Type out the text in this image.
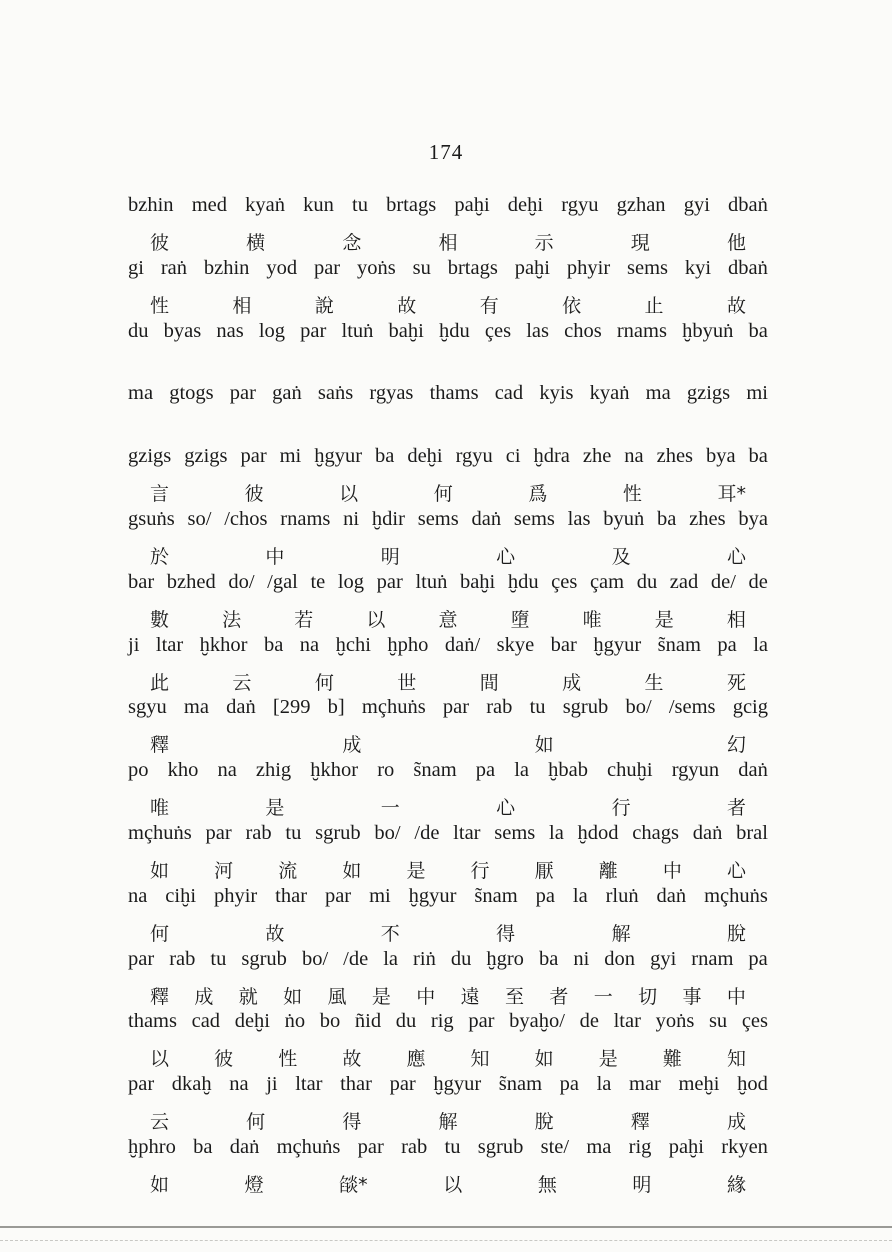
174
bzhin med kyaṅ kun tu brtags paḫi deḫi rgyu gzhan gyi dbaṅ
彼	横	念	相	示	現	他
gi raṅ bzhin yod par yoṅs su brtags paḫi phyir sems kyi dbaṅ
性	相	說	故	有	依	止	故
du byas nas log par ltuṅ baḫi ḫdu çes las chos rnams ḫbyuṅ ba
ma gtogs par gaṅ saṅs rgyas thams cad kyis kyaṅ ma gzigs mi
gzigs gzigs par mi ḫgyur ba deḫi rgyu ci ḫdra zhe na zhes bya ba
言	彼	以	何	爲	性	耳*
gsuṅs so/ /chos rnams ni ḫdir sems daṅ sems las byuṅ ba zhes bya
於	中	明	心	及	心
bar bzhed do/ /gal te log par ltuṅ baḫi ḫdu çes çam du zad de/ de
數	法	若	以	意	墮	唯	是	相
ji ltar ḫkhor ba na ḫchi ḫpho daṅ/ skye bar ḫgyur s̃nam pa la
此	云	何	世	間	成	生	死
sgyu ma daṅ [299 b] mçhuṅs par rab tu sgrub bo/ /sems gcig
釋	成	如	幻
po kho na zhig ḫkhor ro s̃nam pa la ḫbab chuḫi rgyun daṅ
唯	是	一	心	行	者
mçhuṅs par rab tu sgrub bo/ /de ltar sems la ḫdod chags daṅ bral
如 河 流 如 是 行 厭 離 中 心
na ciḫi phyir thar par mi ḫgyur s̃nam pa la rluṅ daṅ mçhuṅs
何	故	不	得	解	脫
par rab tu sgrub bo/ /de la riṅ du ḫgro ba ni don gyi rnam pa
釋 成 就 如 風 是 中 遠 至 者 一 切 事 中
thams cad deḫi ṅo bo ñid du rig par byaḫo/ de ltar yoṅs su çes
以 彼 性 故 應 知 如 是 難 知
par dkaḫ na ji ltar thar par ḫgyur s̃nam pa la mar meḫi ḫod
云	何	得	解	脫	釋	成
ḫphro ba daṅ mçhuṅs par rab tu sgrub ste/ ma rig paḫi rkyen
如	燈	燄*	以	無	明	緣
